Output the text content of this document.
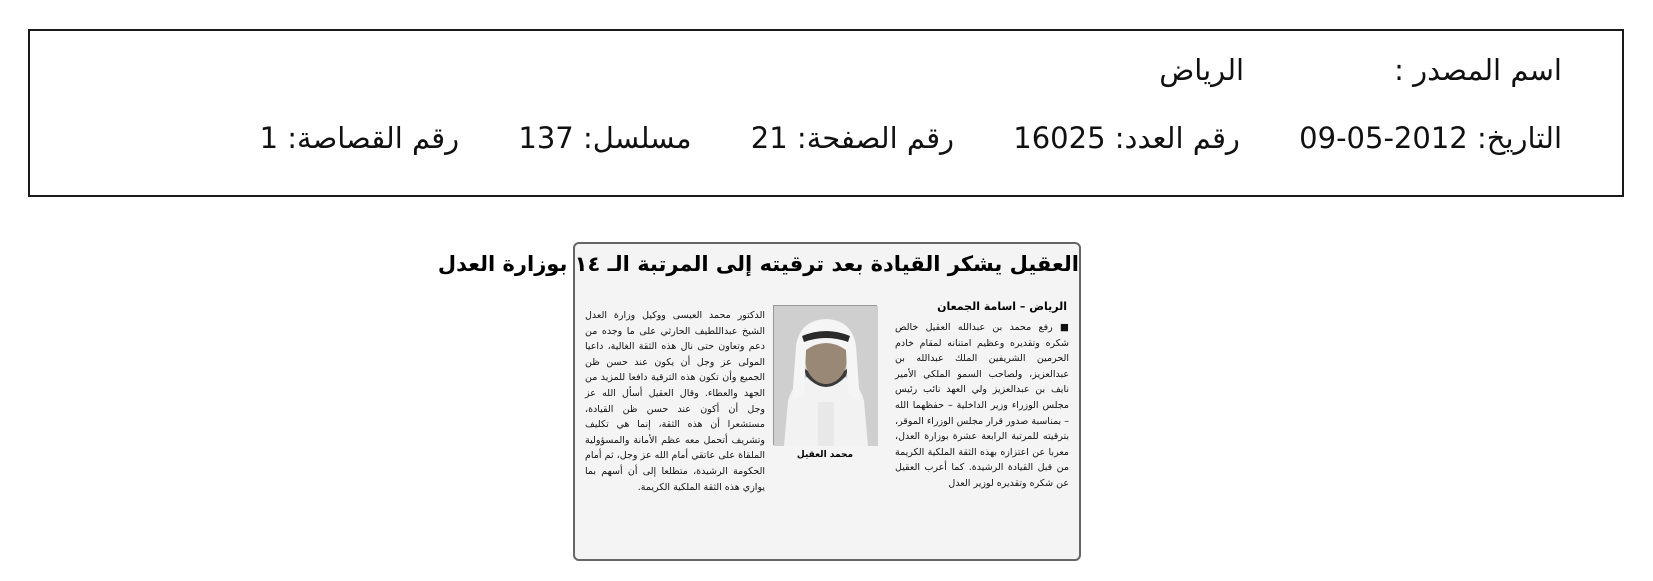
اسم المصدر :الرياض
التاريخ: 2012-05-09 رقم العدد: 16025 رقم الصفحة: 21 مسلسل: 137 رقم القصاصة: 1
العقيل يشكر القيادة بعد ترقيته إلى المرتبة الـ ١٤ بوزارة العدل
الرياض – اسامة الجمعان
■ رفع محمد بن عبدالله العقيل خالص شكره وتقديره وعظيم امتنانه لمقام خادم الحرمين الشريفين الملك عبدالله بن عبدالعزيز، ولصاحب السمو الملكي الأمير نايف بن عبدالعزيز ولي العهد نائب رئيس مجلس الوزراء وزير الداخلية – حفظهما الله – بمناسبة صدور قرار مجلس الوزراء الموقر، بترقيته للمرتبة الرابعة عشرة بوزارة العدل، معربا عن اعتزازه بهذه الثقة الملكية الكريمة من قبل القيادة الرشيدة. كما أعرب العقيل عن شكره وتقديره لوزير العدل
محمد العقيل
الدكتور محمد العيسى ووكيل وزارة العدل الشيخ عبداللطيف الحارثي على ما وجده من دعم وتعاون حتى نال هذه الثقة الغالية، داعيا المولى عز وجل أن يكون عند حسن ظن الجميع وأن تكون هذه الترقية دافعا للمزيد من الجهد والعطاء. وقال العقيل أسأل الله عز وجل أن أكون عند حسن ظن القيادة، مستشعرا أن هذه الثقة، إنما هي تكليف وتشريف أتحمل معه عظم الأمانة والمسؤولية الملقاة على عاتقي أمام الله عز وجل، ثم أمام الحكومة الرشيدة، متطلعا إلى أن أسهم بما يوازي هذه الثقة الملكية الكريمة.
